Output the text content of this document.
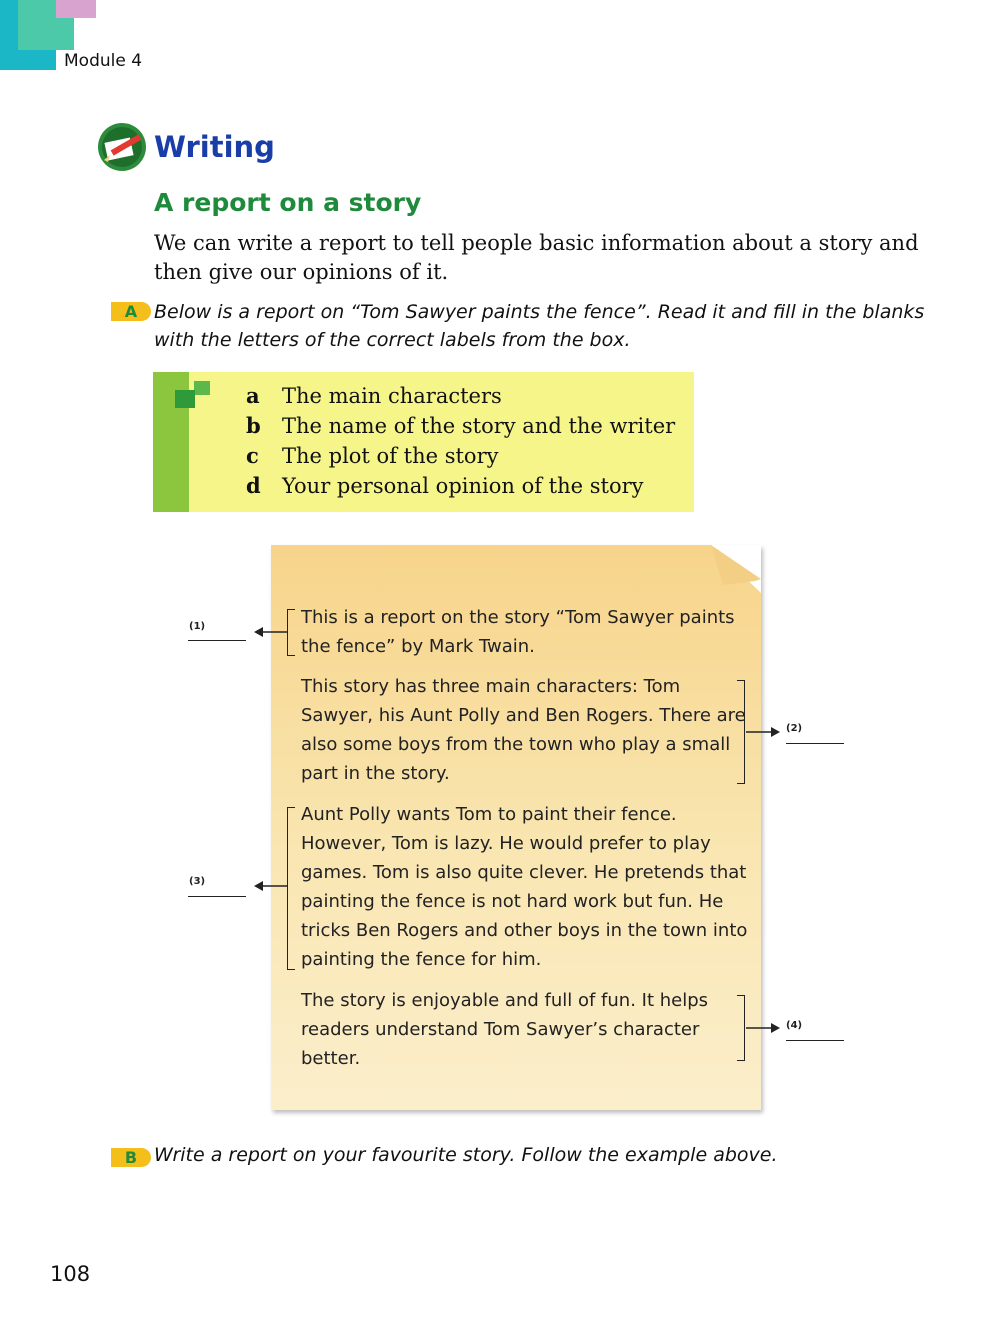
Module 4
Writing
A report on a story
We can write a report to tell people basic information about a story and then give our opinions of it.
A Below is a report on “Tom Sawyer paints the fence”. Read it and fill in the blanks with the letters of the correct labels from the box.
a The main characters
b The name of the story and the writer
c The plot of the story
d Your personal opinion of the story
This is a report on the story “Tom Sawyer paints the fence” by Mark Twain.
This story has three main characters: Tom Sawyer, his Aunt Polly and Ben Rogers. There are also some boys from the town who play a small part in the story.
Aunt Polly wants Tom to paint their fence. However, Tom is lazy. He would prefer to play games. Tom is also quite clever. He pretends that painting the fence is not hard work but fun. He tricks Ben Rogers and other boys in the town into painting the fence for him.
The story is enjoyable and full of fun. It helps readers understand Tom Sawyer’s character better.
(1)
(2)
(3)
(4)
B Write a report on your favourite story. Follow the example above.
108
